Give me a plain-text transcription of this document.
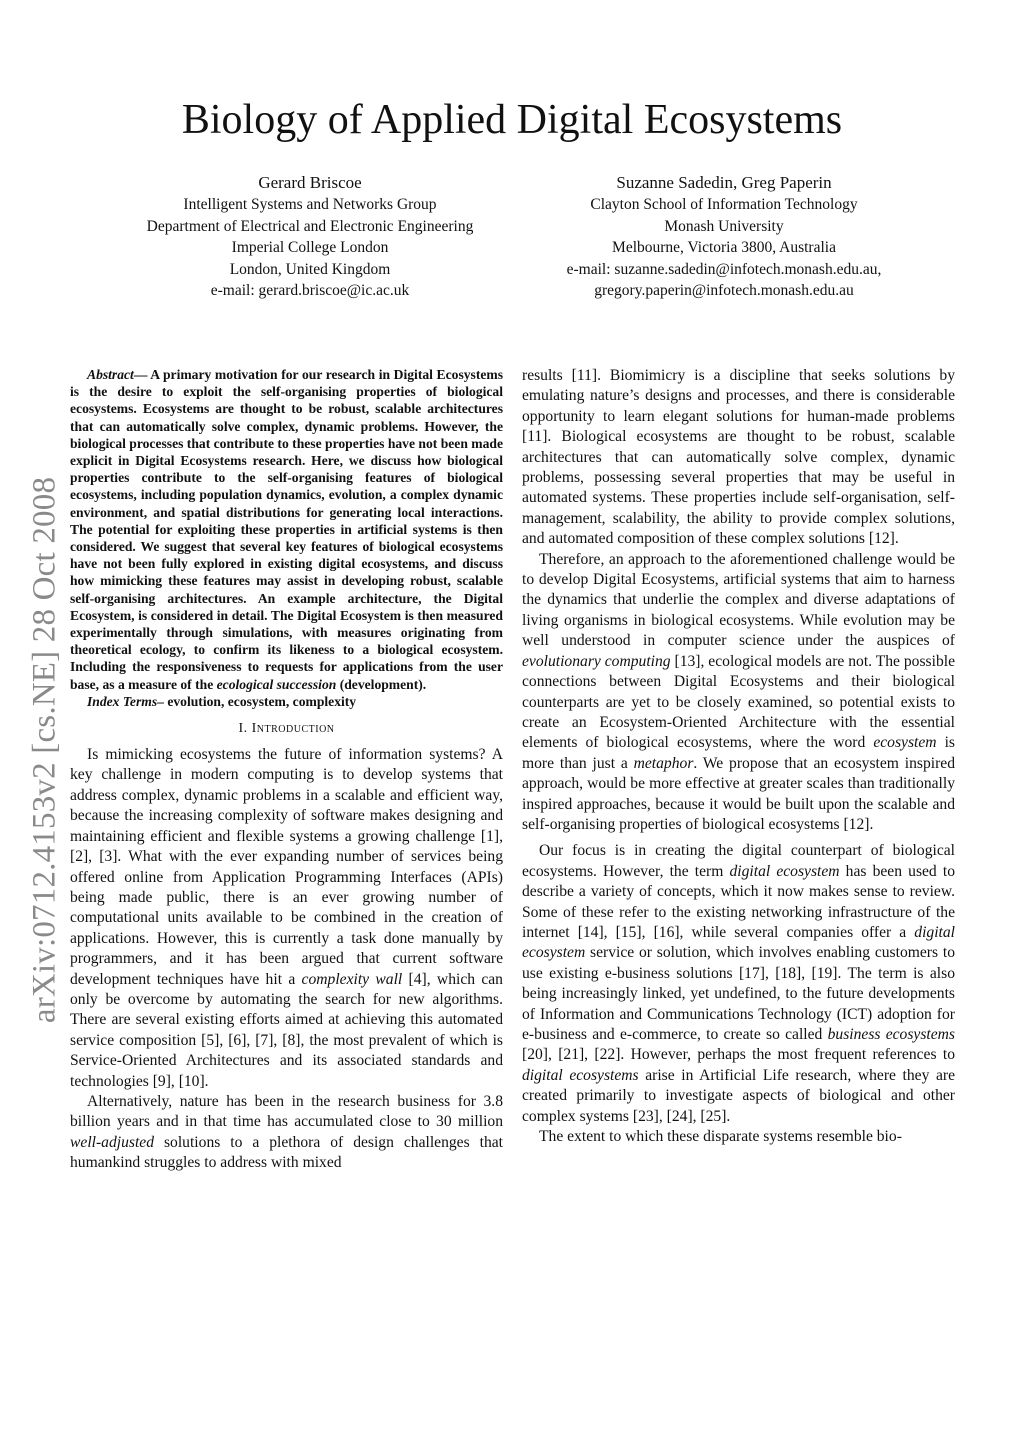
arXiv:0712.4153v2 [cs.NE] 28 Oct 2008
Biology of Applied Digital Ecosystems
Gerard Briscoe
Intelligent Systems and Networks Group
Department of Electrical and Electronic Engineering
Imperial College London
London, United Kingdom
e-mail: gerard.briscoe@ic.ac.uk
Suzanne Sadedin, Greg Paperin
Clayton School of Information Technology
Monash University
Melbourne, Victoria 3800, Australia
e-mail: suzanne.sadedin@infotech.monash.edu.au,
gregory.paperin@infotech.monash.edu.au

Abstract— A primary motivation for our research in Digital Ecosystems is the desire to exploit the self-organising properties of biological ecosystems. Ecosystems are thought to be robust, scalable architectures that can automatically solve complex, dynamic problems. However, the biological processes that contribute to these properties have not been made explicit in Digital Ecosystems research. Here, we discuss how biological properties contribute to the self-organising features of biological ecosystems, including population dynamics, evolution, a complex dynamic environment, and spatial distributions for generating local interactions. The potential for exploiting these properties in artificial systems is then considered. We suggest that several key features of biological ecosystems have not been fully explored in existing digital ecosystems, and discuss how mimicking these features may assist in developing robust, scalable self-organising architectures. An example architecture, the Digital Ecosystem, is considered in detail. The Digital Ecosystem is then measured experimentally through simulations, with measures originating from theoretical ecology, to confirm its likeness to a biological ecosystem. Including the responsiveness to requests for applications from the user base, as a measure of the ecological succession (development).

Index Terms– evolution, ecosystem, complexity

I. Introduction

Is mimicking ecosystems the future of information systems? A key challenge in modern computing is to develop systems that address complex, dynamic problems in a scalable and efficient way, because the increasing complexity of software makes designing and maintaining efficient and flexible systems a growing challenge [1], [2], [3]. What with the ever expanding number of services being offered online from Application Programming Interfaces (APIs) being made public, there is an ever growing number of computational units available to be combined in the creation of applications. However, this is currently a task done manually by programmers, and it has been argued that current software development techniques have hit a complexity wall [4], which can only be overcome by automating the search for new algorithms. There are several existing efforts aimed at achieving this automated service composition [5], [6], [7], [8], the most prevalent of which is Service-Oriented Architectures and its associated standards and technologies [9], [10].

Alternatively, nature has been in the research business for 3.8 billion years and in that time has accumulated close to 30 million well-adjusted solutions to a plethora of design challenges that humankind struggles to address with mixed

results [11]. Biomimicry is a discipline that seeks solutions by emulating nature’s designs and processes, and there is considerable opportunity to learn elegant solutions for human-made problems [11]. Biological ecosystems are thought to be robust, scalable architectures that can automatically solve complex, dynamic problems, possessing several properties that may be useful in automated systems. These properties include self-organisation, self-management, scalability, the ability to provide complex solutions, and automated composition of these complex solutions [12].

Therefore, an approach to the aforementioned challenge would be to develop Digital Ecosystems, artificial systems that aim to harness the dynamics that underlie the complex and diverse adaptations of living organisms in biological ecosystems. While evolution may be well understood in computer science under the auspices of evolutionary computing [13], ecological models are not. The possible connections between Digital Ecosystems and their biological counterparts are yet to be closely examined, so potential exists to create an Ecosystem-Oriented Architecture with the essential elements of biological ecosystems, where the word ecosystem is more than just a metaphor. We propose that an ecosystem inspired approach, would be more effective at greater scales than traditionally inspired approaches, because it would be built upon the scalable and self-organising properties of biological ecosystems [12].

Our focus is in creating the digital counterpart of biological ecosystems. However, the term digital ecosystem has been used to describe a variety of concepts, which it now makes sense to review. Some of these refer to the existing networking infrastructure of the internet [14], [15], [16], while several companies offer a digital ecosystem service or solution, which involves enabling customers to use existing e-business solutions [17], [18], [19]. The term is also being increasingly linked, yet undefined, to the future developments of Information and Communications Technology (ICT) adoption for e-business and e-commerce, to create so called business ecosystems [20], [21], [22]. However, perhaps the most frequent references to digital ecosystems arise in Artificial Life research, where they are created primarily to investigate aspects of biological and other complex systems [23], [24], [25].

The extent to which these disparate systems resemble bio-
